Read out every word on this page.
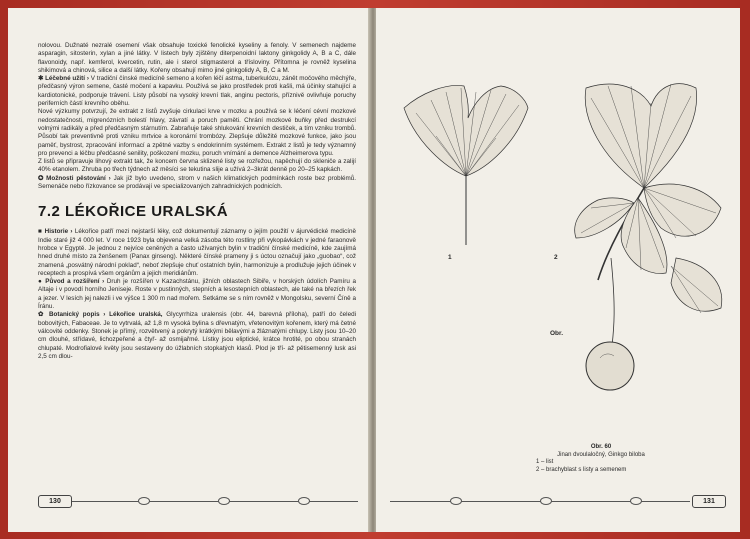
nolovou. Dužnaté nezralé osemení však obsahuje toxické fenolické kyseliny a fenoly. V semenech najdeme asparagin, sitosterin, xylan a jiné látky. V listech byly zjištěny diterpenoidní laktony ginkgolidy A, B a C, dále flavonoidy, např. kemferol, kvercetin, rutin, ale i sterol stigmasterol a třísloviny. Přítomna je rovněž kyselina shikimová a chinová, silice a další látky. Kořeny obsahují mimo jiné ginkgolidy A, B, C a M.

✱ Léčebné užití › V tradiční čínské medicíně semeno a kořen léčí astma, tuberkulózu, zánět močového měchýře, předčasný výron semene, časté močení a kapavku. Používá se jako prostředek proti kašli, má účinky stahující a kardiotonické, podporuje trávení. Listy působí na vysoký krevní tlak, anginu pectoris, příznivě ovlivňuje poruchy periferních částí krevního oběhu.

Nové výzkumy potvrzují, že extrakt z listů zvyšuje cirkulaci krve v mozku a používá se k léčení cévní mozkové nedostatečnosti, migrenózních bolestí hlavy, závratí a poruch paměti. Chrání mozkové buňky před destrukcí volnými radikály a před předčasným stárnutím. Zabraňuje také shlukování krevních destiček, a tím vzniku trombů. Působí tak preventivně proti vzniku mrtvice a koronární trombózy. Zlepšuje důležité mozkové funkce, jako jsou paměť, bystrost, zpracování informací a zpětné vazby s endokrinním systémem. Extrakt z listů je tedy významný pro prevenci a léčbu předčasné senility, poškození mozku, poruch vnímání a demence Alzheimerova typu.

Z listů se připravuje lihový extrakt tak, že koncem června sklizené listy se rozřežou, napěchují do skleniče a zalijí 40% etanolem. Zhruba po třech týdnech až měsíci se tekutina slije a užívá 2–3krát denně po 20–25 kapkách.

✪ Možnosti pěstování › Jak již bylo uvedeno, strom v našich klimatických podmínkách roste bez problémů. Semenáče nebo řízkovance se prodávají ve specializovaných zahradnických podnicích.

7.2 LÉKOŘICE URALSKÁ

■ Historie › Lékořice patří mezi nejstarší léky, což dokumentují záznamy o jejím použití v ájurvédické medicíně Indie staré již 4 000 let. V roce 1923 byla objevena velká zásoba této rostliny při vykopávkách v jedné faraonově hrobce v Egyptě. Je jednou z nejvíce ceněných a často užívaných bylin v tradiční čínské medicíně, kde zaujímá hned druhé místo za ženšenem (Panax ginseng). Některé čínské prameny ji s úctou označují jako „guobao“, což znamená „posvátný národní poklad“, neboť zlepšuje chuť ostatních bylin, harmonizuje a prodlužuje jejich účinek v receptech a prospívá všem orgánům a jejich meridiánům.

● Původ a rozšíření › Druh je rozšířen v Kazachstánu, jižních oblastech Sibiře, v horských údolích Pamíru a Altaje i v povodí horního Jeniseje. Roste v pustinných, stepních a lesostepních oblastech, ale také na březích řek a jezer. V lesích jej nalezli i ve výšce 1 300 m nad mořem. Setkáme se s ním rovněž v Mongolsku, severní Číně a Íránu.

✿ Botanický popis › Lékořice uralská, Glycyrrhiza uralensis (obr. 44, barevná příloha), patří do čeledi bobovitých, Fabaceae. Je to vytrvalá, až 1,8 m vysoká bylina s dřevnatým, vřetenovitým kořenem, který má četné válcovité oddenky. Stonek je přímý, rozvětvený a pokrytý krátkými bělavými a žláznatými chlupy. Listy jsou 10–20 cm dlouhé, střídavé, lichozpeřené a čtyř- až osmijařmé. Lístky jsou eliptické, krátce hrotité, po obou stranách chlupaté. Modrofialové květy jsou sestaveny do úžlabních stopkatých klasů. Plod je tří- až pětisemenný lusk asi 2,5 cm dlou-

130
1	2
Obr.
Obr. 60
Jinan dvoulaločný, Ginkgo biloba
1 – list
2 – brachyblast s listy a semenem
131
